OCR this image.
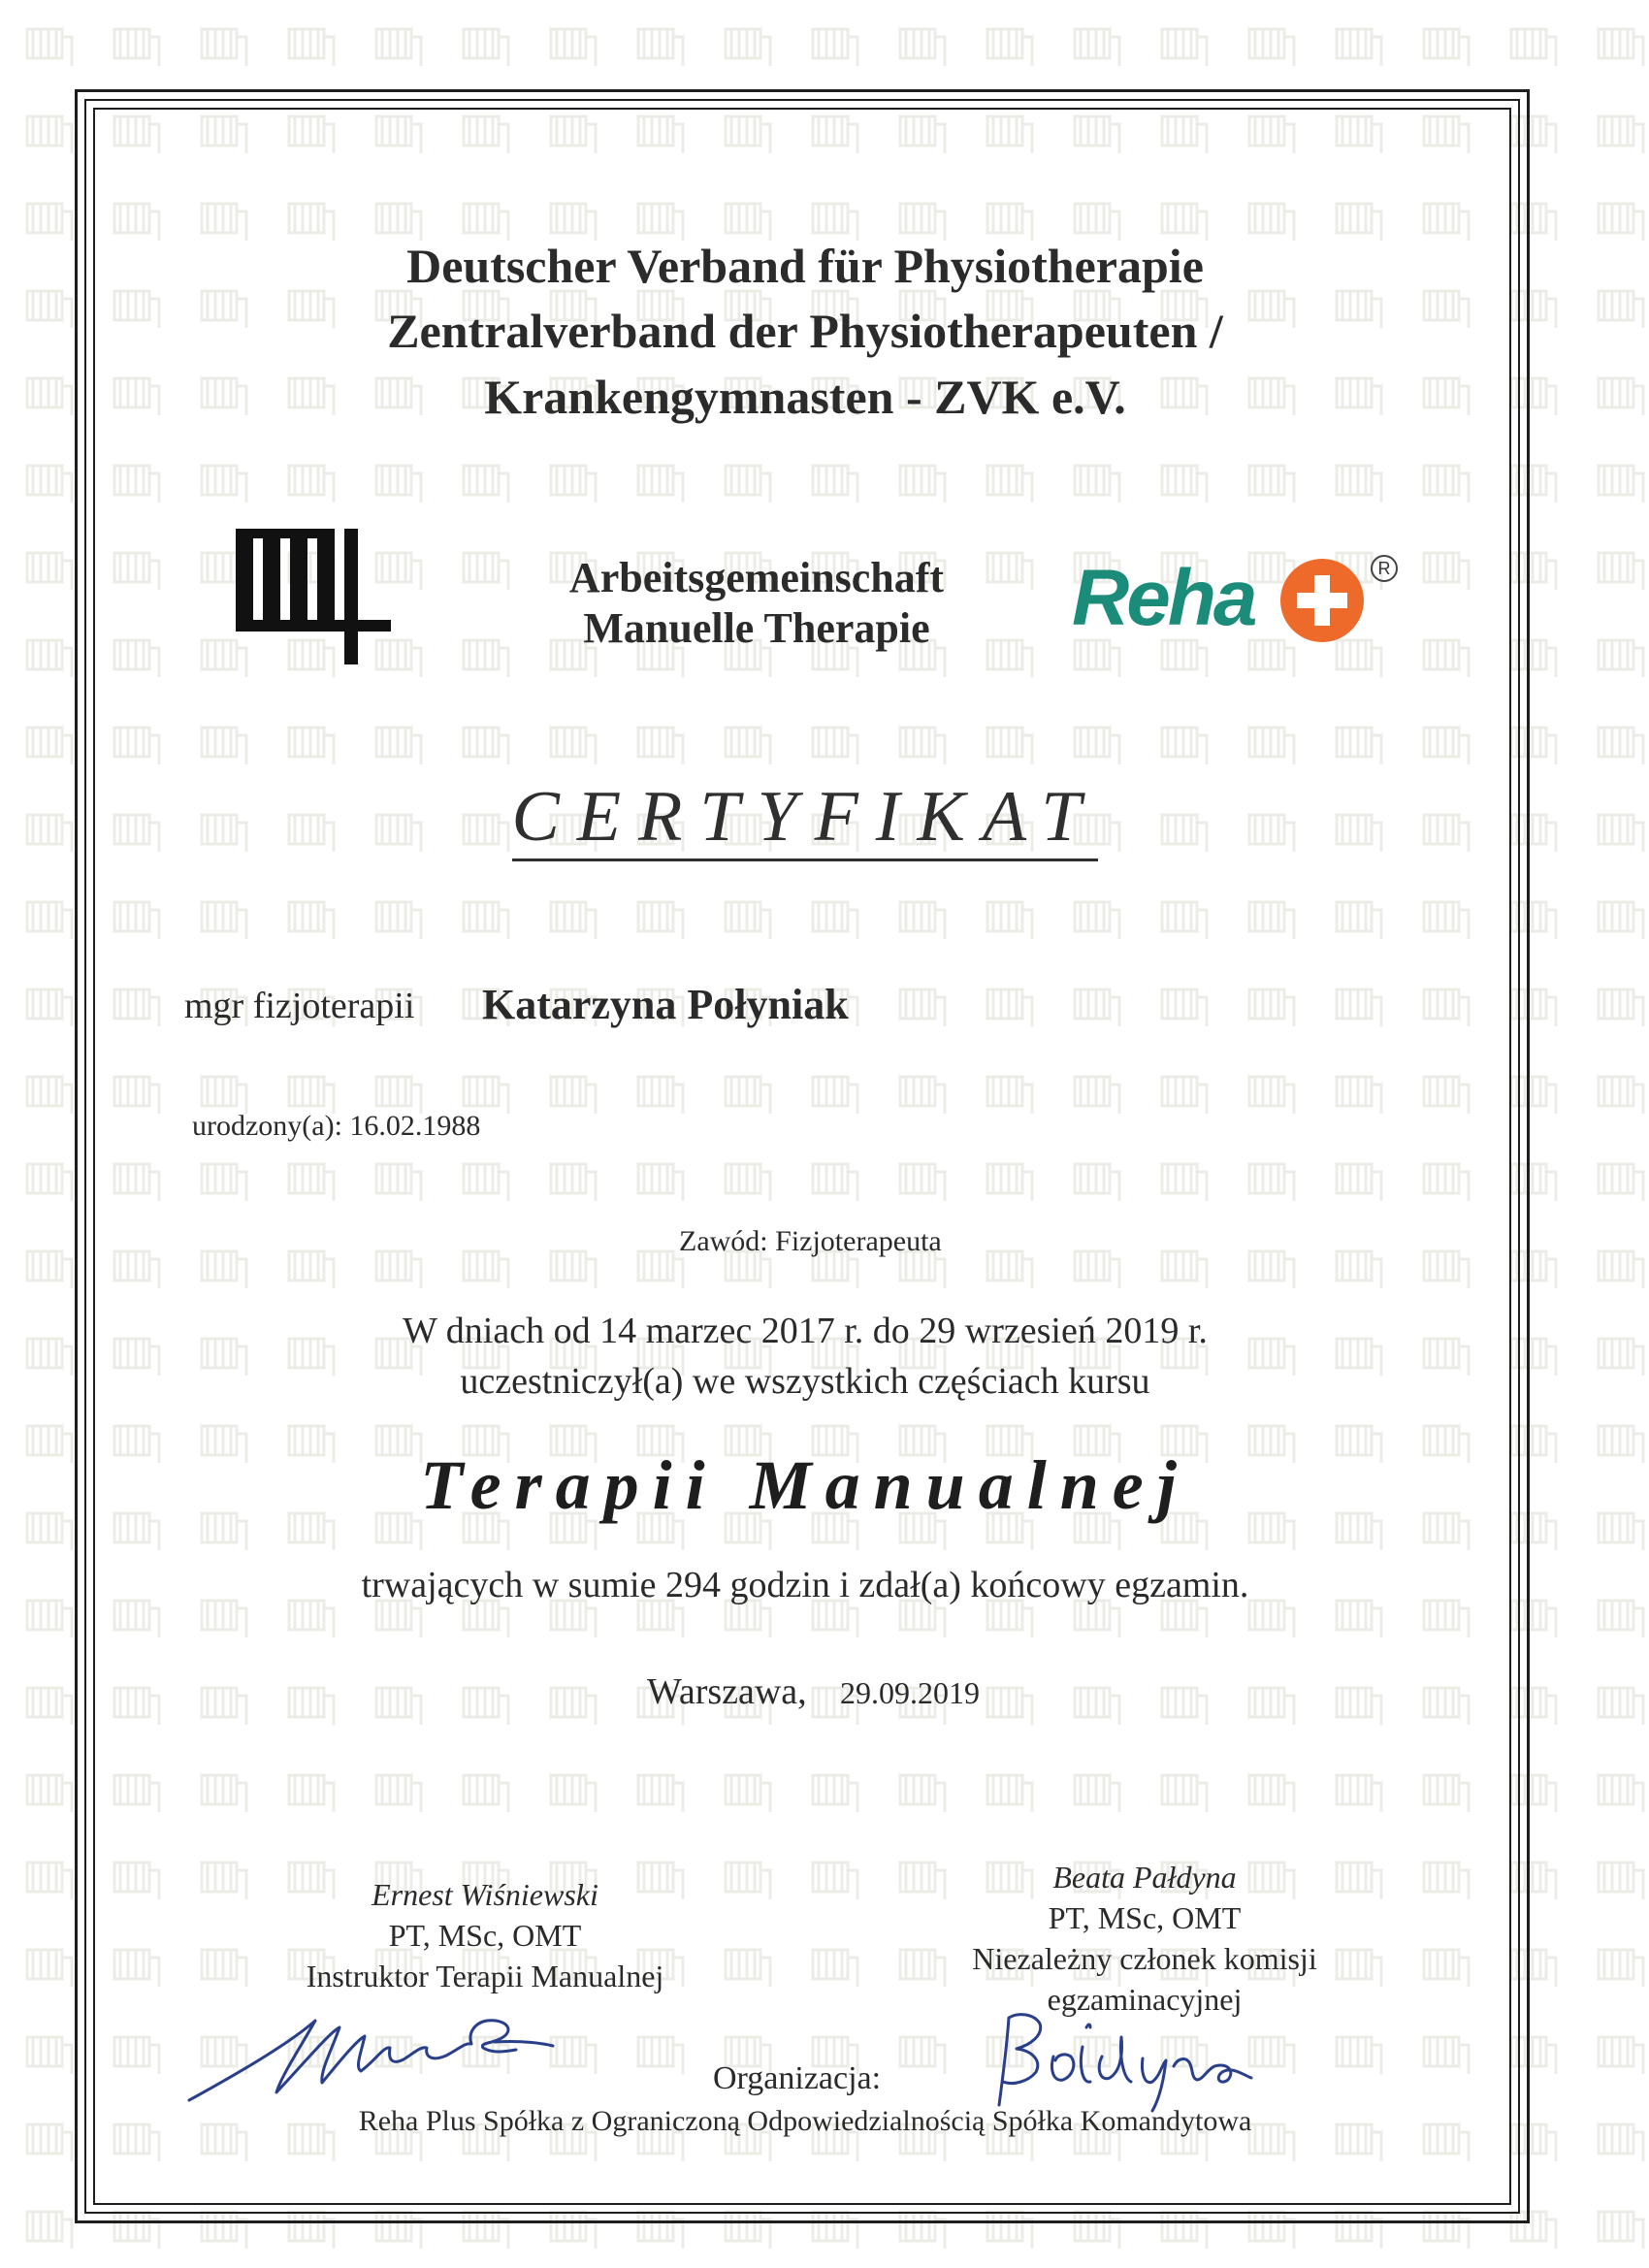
Deutscher Verband für Physiotherapie
Zentralverband der Physiotherapeuten /
Krankengymnasten - ZVK e.V.
Arbeitsgemeinschaft
Manuelle Therapie	Reha	R
CERTYFIKAT
mgr fizjoterapii Katarzyna Połyniak
urodzony(a): 16.02.1988
Zawód: Fizjoterapeuta
W dniach od 14 marzec 2017 r. do 29 wrzesień 2019 r.
uczestniczył(a) we wszystkich częściach kursu
Terapii Manualnej
trwających w sumie 294 godzin i zdał(a) końcowy egzamin.
Warszawa, 29.09.2019
Ernest Wiśniewski
PT, MSc, OMT
Instruktor Terapii Manualnej
Beata Pałdyna
PT, MSc, OMT
Niezależny członek komisji
egzaminacyjnej
Organizacja:
Reha Plus Spółka z Ograniczoną Odpowiedzialnością Spółka Komandytowa
